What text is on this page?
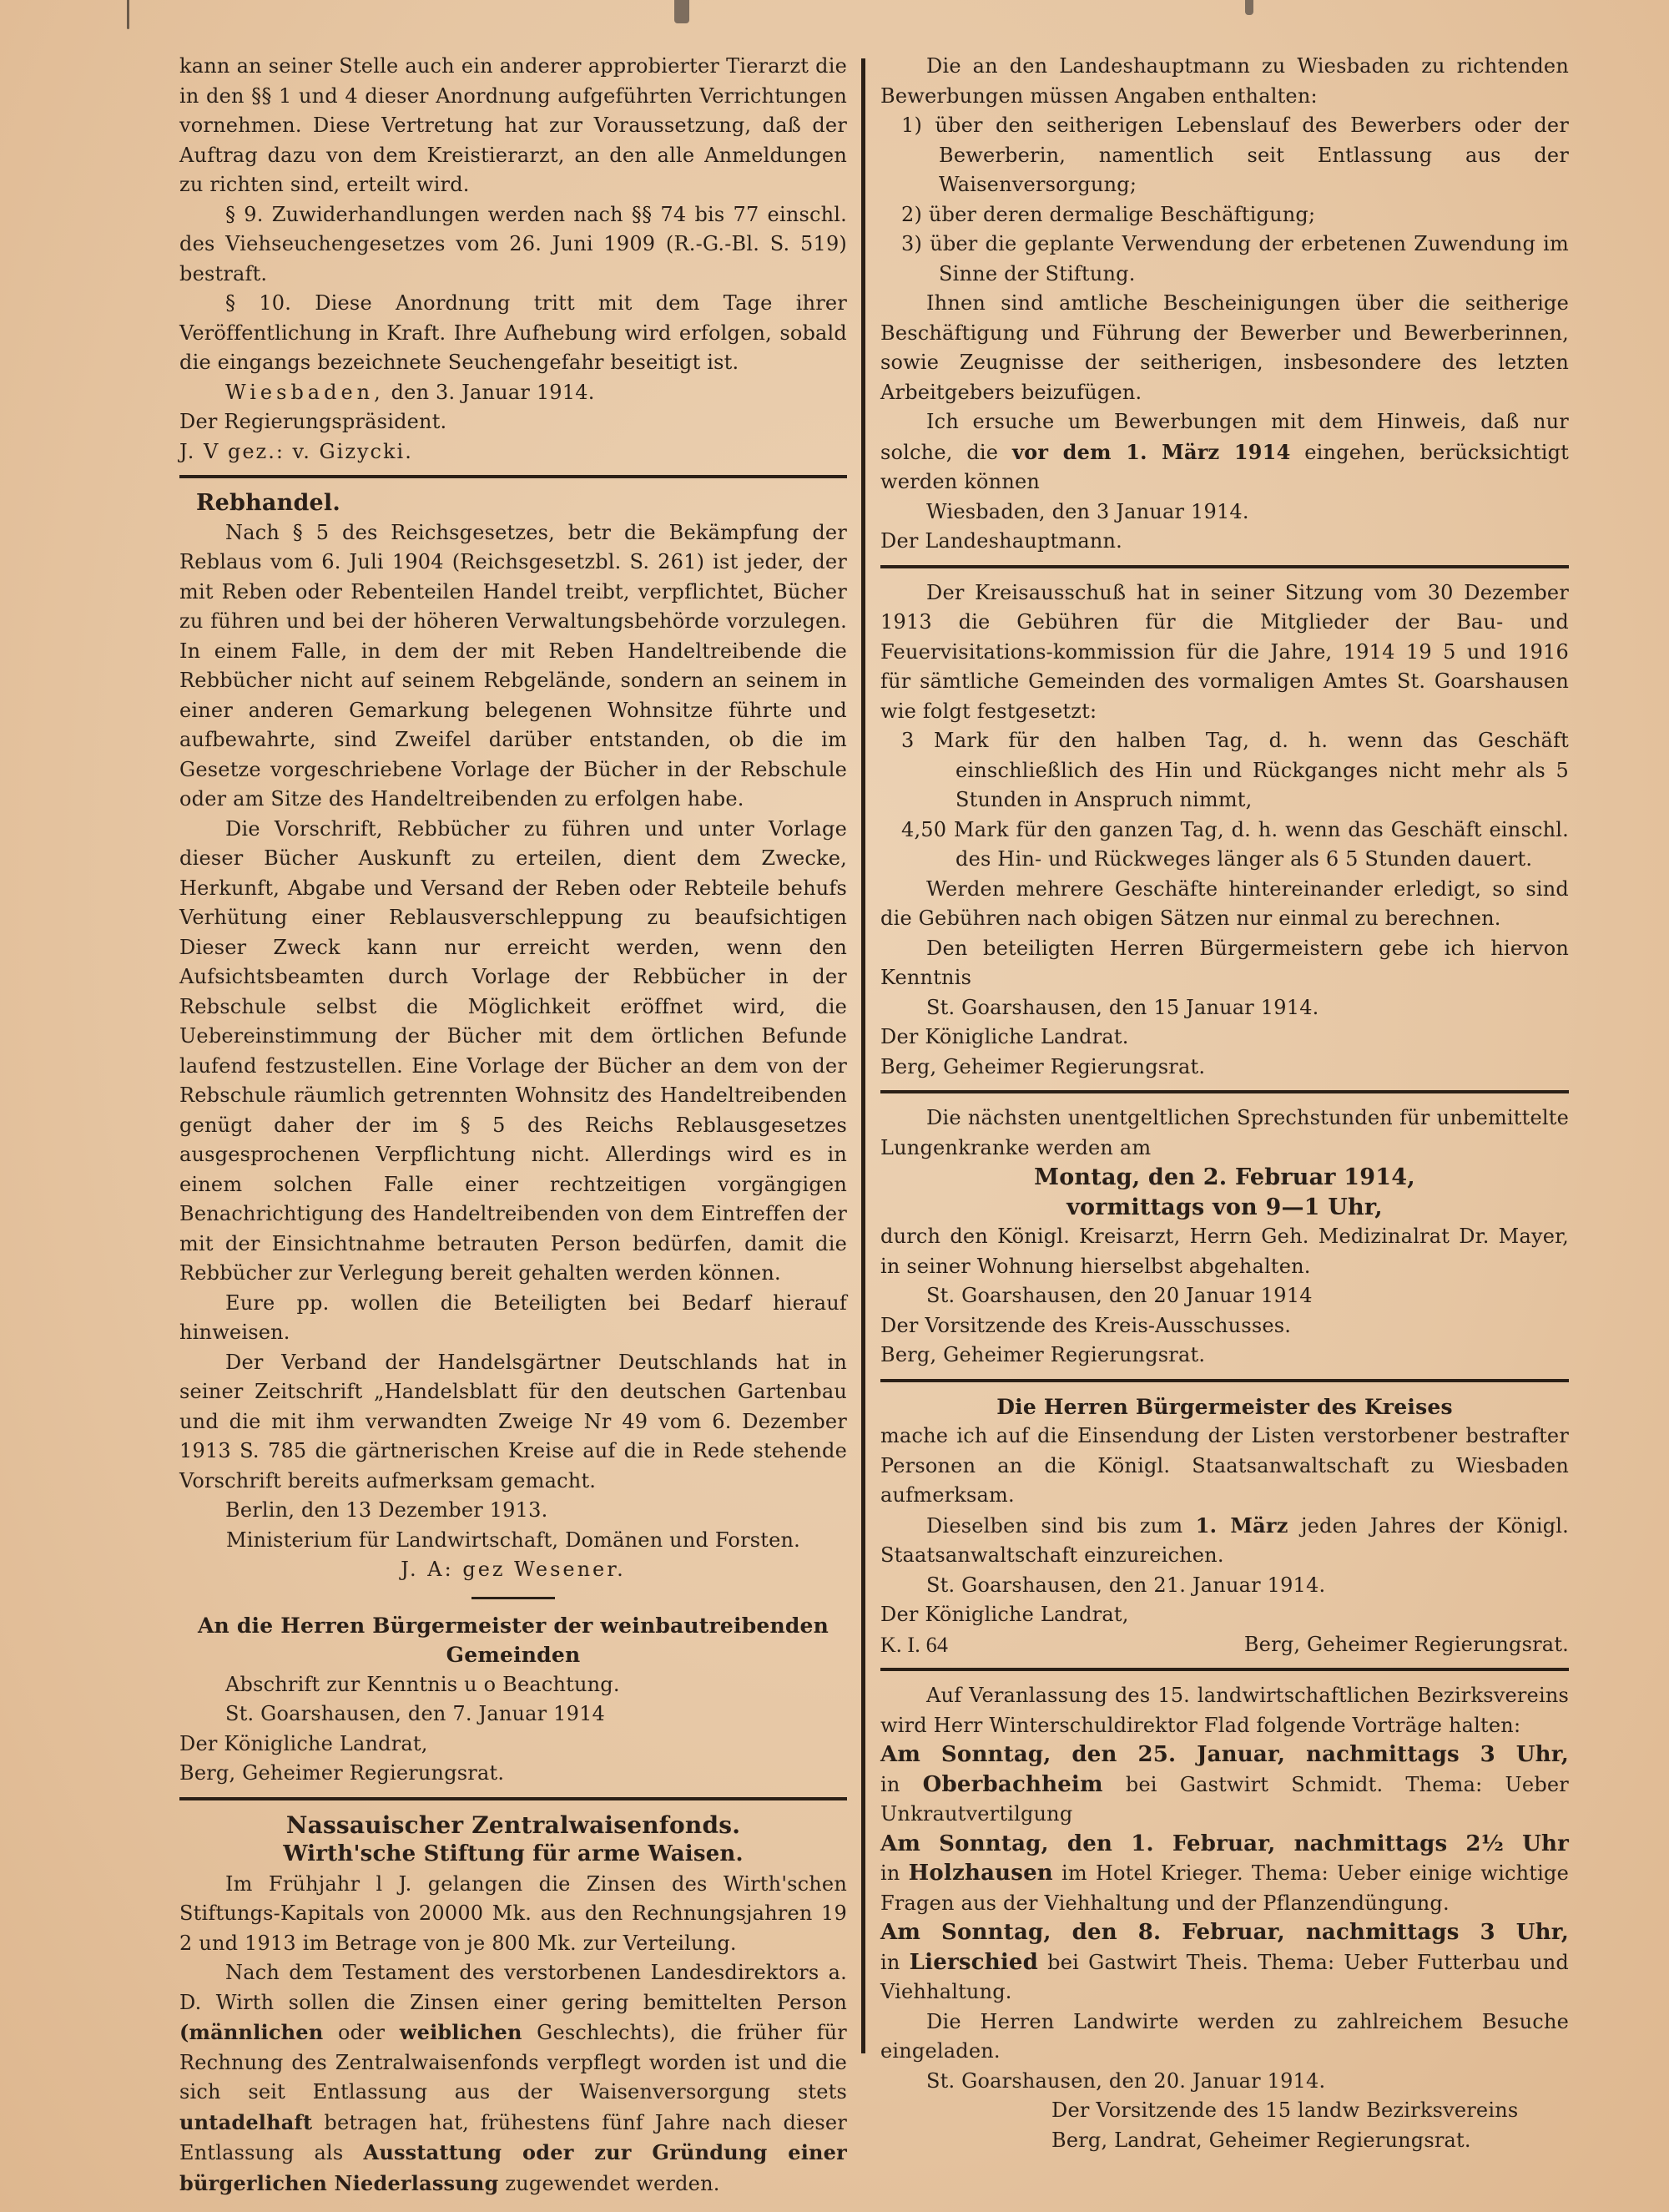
kann an seiner Stelle auch ein anderer approbierter Tierarzt die in den §§ 1 und 4 dieser Anordnung aufgeführten Verrichtungen vornehmen. Diese Vertretung hat zur Voraussetzung, daß der Auftrag dazu von dem Kreistierarzt, an den alle Anmeldungen zu richten sind, erteilt wird.

§ 9. Zuwiderhandlungen werden nach §§ 74 bis 77 einschl. des Viehseuchengesetzes vom 26. Juni 1909 (R.-G.-Bl. S. 519) bestraft.

§ 10. Diese Anordnung tritt mit dem Tage ihrer Veröffentlichung in Kraft. Ihre Aufhebung wird erfolgen, sobald die eingangs bezeichnete Seuchengefahr beseitigt ist.

Wiesbaden, den 3. Januar 1914.

Der Regierungspräsident.

J. V gez.: v. Gizycki.

Rebhandel.

Nach § 5 des Reichsgesetzes, betr die Bekämpfung der Reblaus vom 6. Juli 1904 (Reichsgesetzbl. S. 261) ist jeder, der mit Reben oder Rebenteilen Handel treibt, verpflichtet, Bücher zu führen und bei der höheren Verwaltungsbehörde vorzulegen. In einem Falle, in dem der mit Reben Handeltreibende die Rebbücher nicht auf seinem Rebgelände, sondern an seinem in einer anderen Gemarkung belegenen Wohnsitze führte und aufbewahrte, sind Zweifel darüber entstanden, ob die im Gesetze vorgeschriebene Vorlage der Bücher in der Rebschule oder am Sitze des Handeltreibenden zu erfolgen habe.

Die Vorschrift, Rebbücher zu führen und unter Vorlage dieser Bücher Auskunft zu erteilen, dient dem Zwecke, Herkunft, Abgabe und Versand der Reben oder Rebteile behufs Verhütung einer Reblausverschleppung zu beaufsichtigen Dieser Zweck kann nur erreicht werden, wenn den Aufsichtsbeamten durch Vorlage der Rebbücher in der Rebschule selbst die Möglichkeit eröffnet wird, die Uebereinstimmung der Bücher mit dem örtlichen Befunde laufend festzustellen. Eine Vorlage der Bücher an dem von der Rebschule räumlich getrennten Wohnsitz des Handeltreibenden genügt daher der im § 5 des Reichs Reblausgesetzes ausgesprochenen Verpflichtung nicht. Allerdings wird es in einem solchen Falle einer rechtzeitigen vorgängigen Benachrichtigung des Handeltreibenden von dem Eintreffen der mit der Einsichtnahme betrauten Person bedürfen, damit die Rebbücher zur Verlegung bereit gehalten werden können.

Eure pp. wollen die Beteiligten bei Bedarf hierauf hinweisen.

Der Verband der Handelsgärtner Deutschlands hat in seiner Zeitschrift „Handelsblatt für den deutschen Gartenbau und die mit ihm verwandten Zweige Nr 49 vom 6. Dezember 1913 S. 785 die gärtnerischen Kreise auf die in Rede stehende Vorschrift bereits aufmerksam gemacht.

Berlin, den 13 Dezember 1913.

Ministerium für Landwirtschaft, Domänen und Forsten.

J. A: gez Wesener.

An die Herren Bürgermeister der weinbautreibenden

Gemeinden

Abschrift zur Kenntnis u o Beachtung.

St. Goarshausen, den 7. Januar 1914

Der Königliche Landrat,

Berg, Geheimer Regierungsrat.

Nassauischer Zentralwaisenfonds.

Wirth'sche Stiftung für arme Waisen.

Im Frühjahr l J. gelangen die Zinsen des Wirth'schen Stiftungs-Kapitals von 20000 Mk. aus den Rechnungsjahren 19 2 und 1913 im Betrage von je 800 Mk. zur Verteilung.

Nach dem Testament des verstorbenen Landesdirektors a. D. Wirth sollen die Zinsen einer gering bemittelten Person (männlichen oder weiblichen Geschlechts), die früher für Rechnung des Zentralwaisenfonds verpflegt worden ist und die sich seit Entlassung aus der Waisenversorgung stets untadelhaft betragen hat, frühestens fünf Jahre nach dieser Entlassung als Ausstattung oder zur Gründung einer bürgerlichen Niederlassung zugewendet werden.

Die an den Landeshauptmann zu Wiesbaden zu richtenden Bewerbungen müssen Angaben enthalten:

1) über den seitherigen Lebenslauf des Bewerbers oder der Bewerberin, namentlich seit Entlassung aus der Waisenversorgung;

2) über deren dermalige Beschäftigung;

3) über die geplante Verwendung der erbetenen Zuwendung im Sinne der Stiftung.

Ihnen sind amtliche Bescheinigungen über die seitherige Beschäftigung und Führung der Bewerber und Bewerberinnen, sowie Zeugnisse der seitherigen, insbesondere des letzten Arbeitgebers beizufügen.

Ich ersuche um Bewerbungen mit dem Hinweis, daß nur solche, die vor dem 1. März 1914 eingehen, berücksichtigt werden können

Wiesbaden, den 3 Januar 1914.

Der Landeshauptmann.

Der Kreisausschuß hat in seiner Sitzung vom 30 Dezember 1913 die Gebühren für die Mitglieder der Bau- und Feuervisitations-kommission für die Jahre, 1914 19 5 und 1916 für sämtliche Gemeinden des vormaligen Amtes St. Goarshausen wie folgt festgesetzt:

3 Mark für den halben Tag, d. h. wenn das Geschäft einschließlich des Hin und Rückganges nicht mehr als 5 Stunden in Anspruch nimmt,

4,50 Mark für den ganzen Tag, d. h. wenn das Geschäft einschl. des Hin- und Rückweges länger als 6 5 Stunden dauert.

Werden mehrere Geschäfte hintereinander erledigt, so sind die Gebühren nach obigen Sätzen nur einmal zu berechnen.

Den beteiligten Herren Bürgermeistern gebe ich hiervon Kenntnis

St. Goarshausen, den 15 Januar 1914.

Der Königliche Landrat.

Berg, Geheimer Regierungsrat.

Die nächsten unentgeltlichen Sprechstunden für unbemittelte Lungenkranke werden am

Montag, den 2. Februar 1914,

vormittags von 9—1 Uhr,

durch den Königl. Kreisarzt, Herrn Geh. Medizinalrat Dr. Mayer, in seiner Wohnung hierselbst abgehalten.

St. Goarshausen, den 20 Januar 1914

Der Vorsitzende des Kreis-Ausschusses.

Berg, Geheimer Regierungsrat.

Die Herren Bürgermeister des Kreises

mache ich auf die Einsendung der Listen verstorbener bestrafter Personen an die Königl. Staatsanwaltschaft zu Wiesbaden aufmerksam.

Dieselben sind bis zum 1. März jeden Jahres der Königl. Staatsanwaltschaft einzureichen.

St. Goarshausen, den 21. Januar 1914.

Der Königliche Landrat,

K. I. 64	Berg, Geheimer Regierungsrat.

Auf Veranlassung des 15. landwirtschaftlichen Bezirksvereins wird Herr Winterschuldirektor Flad folgende Vorträge halten:

Am Sonntag, den 25. Januar, nachmittags 3 Uhr,

in Oberbachheim bei Gastwirt Schmidt. Thema: Ueber Unkrautvertilgung

Am Sonntag, den 1. Februar, nachmittags 2½ Uhr

in Holzhausen im Hotel Krieger. Thema: Ueber einige wichtige Fragen aus der Viehhaltung und der Pflanzendüngung.

Am Sonntag, den 8. Februar, nachmittags 3 Uhr,

in Lierschied bei Gastwirt Theis. Thema: Ueber Futterbau und Viehhaltung.

Die Herren Landwirte werden zu zahlreichem Besuche eingeladen.

St. Goarshausen, den 20. Januar 1914.

Der Vorsitzende des 15 landw Bezirksvereins

Berg, Landrat, Geheimer Regierungsrat.
